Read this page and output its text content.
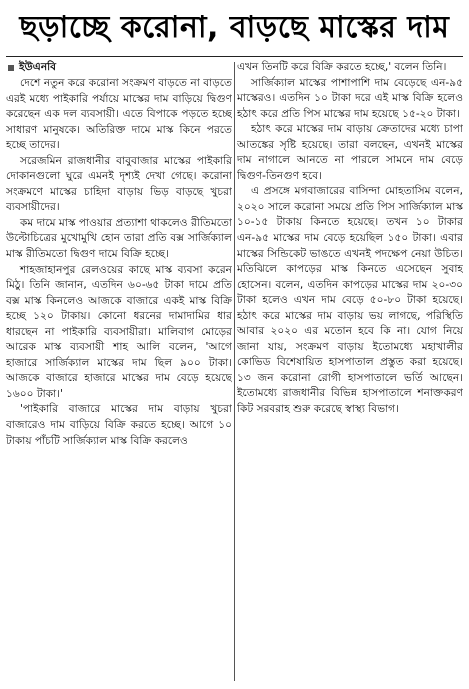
ছড়াচ্ছে করোনা, বাড়ছে মাস্কের দাম
ইউএনবি

দেশে নতুন করে করোনা সংক্রমণ বাড়তে না বাড়তে এরই মধ্যে পাইকারি পর্যায়ে মাস্কের দাম বাড়িয়ে দ্বিগুণ করেছেন এক দল ব্যবসায়ী। এতে বিপাকে পড়তে হচ্ছে সাধারণ মানুষকে। অতিরিক্ত দামে মাস্ক কিনে পরতে হচ্ছে তাদের।

সরেজমিন রাজধানীর বাবুবাজার মাস্কের পাইকারি দোকানগুলো ঘুরে এমনই দৃশ্যই দেখা গেছে। করোনা সংক্রমণে মাস্কের চাহিদা বাড়ায় ভিড় বাড়ছে খুচরা ব্যবসায়ীদের।

কম দামে মাস্ক পাওয়ার প্রত্যাশা থাকলেও রীতিমতো উল্টোচিত্রের মুখোমুখি হোন তারা প্রতি বক্স সার্জিক্যাল মাস্ক রীতিমতো দ্বিগুণ দামে বিক্রি হচ্ছে।

শাহজাহানপুর রেলওয়ের কাছে মাস্ক ব্যবসা করেন মিঠু। তিনি জানান, এতদিন ৬০-৬৫ টাকা দামে প্রতি বক্স মাস্ক কিনলেও আজকে বাজারে একই মাস্ক বিক্রি হচ্ছে ১২০ টাকায়। কোনো ধরনের দামাদামির ধার ধারছেন না পাইকারি ব্যবসায়ীরা। মালিবাগ মোড়ের আরেক মাস্ক ব্যবসায়ী শাহ আলি বলেন, 'আগে হাজারে সার্জিক্যাল মাস্কের দাম ছিল ৯০০ টাকা। আজকে বাজারে হাজারে মাস্কের দাম বেড়ে হয়েছে ১৬০০ টাকা।'

'পাইকারি বাজারে মাস্কের দাম বাড়ায় খুচরা বাজারেও দাম বাড়িয়ে বিক্রি করতে হচ্ছে। আগে ১০ টাকায় পাঁচটি সার্জিক্যাল মাস্ক বিক্রি করলেও

এখন তিনটি করে বিক্রি করতে হচ্ছে,' বলেন তিনি।

সার্জিক্যাল মাস্কের পাশাপাশি দাম বেড়েছে এন-৯৫ মাস্কেরও। এতদিন ১০ টাকা দরে এই মাস্ক বিক্রি হলেও হঠাৎ করে প্রতি পিস মাস্কের দাম হয়েছে ১৫-২০ টাকা।

হঠাৎ করে মাস্কের দাম বাড়ায় ক্রেতাদের মধ্যে চাপা আতঙ্কের সৃষ্টি হয়েছে। তারা বলছেন, এখনই মাস্কের দাম নাগালে আনতে না পারলে সামনে দাম বেড়ে দ্বিগুণ-তিনগুণ হবে।

এ প্রসঙ্গে মগবাজারের বাসিন্দা মোহতাসিম বলেন, ২০২০ সালে করোনা সময়ে প্রতি পিস সার্জিক্যাল মাস্ক ১০-১৫ টাকায় কিনতে হয়েছে। তখন ১০ টাকার এন-৯৫ মাস্কের দাম বেড়ে হয়েছিল ১৫০ টাকা। এবার মাস্কের সিন্ডিকেট ভাঙতে এখনই পদক্ষেপ নেয়া উচিত। মতিঝিলে কাপড়ের মাস্ক কিনতে এসেছেন সুবাহ হোসেন। বলেন, এতদিন কাপড়ের মাস্কের দাম ২০-৩০ টাকা হলেও এখন দাম বেড়ে ৫০-৮০ টাকা হয়েছে। হঠাৎ করে মাস্কের দাম বাড়ায় ভয় লাগছে, পরিস্থিতি আবার ২০২০ এর মতোন হবে কি না। যোগ নিয়ে জানা যায়, সংক্রমণ বাড়ায় ইতোমধ্যে মহাখালীর কোভিড বিশেষায়িত হাসপাতাল প্রস্তুত করা হয়েছে। ১৩ জন করোনা রোগী হাসপাতালে ভর্তি আছেন। ইতোমধ্যে রাজধানীর বিভিন্ন হাসপাতালে শনাক্তকরণ কিট সরবরাহ শুরু করেছে স্বাস্থ্য বিভাগ।
